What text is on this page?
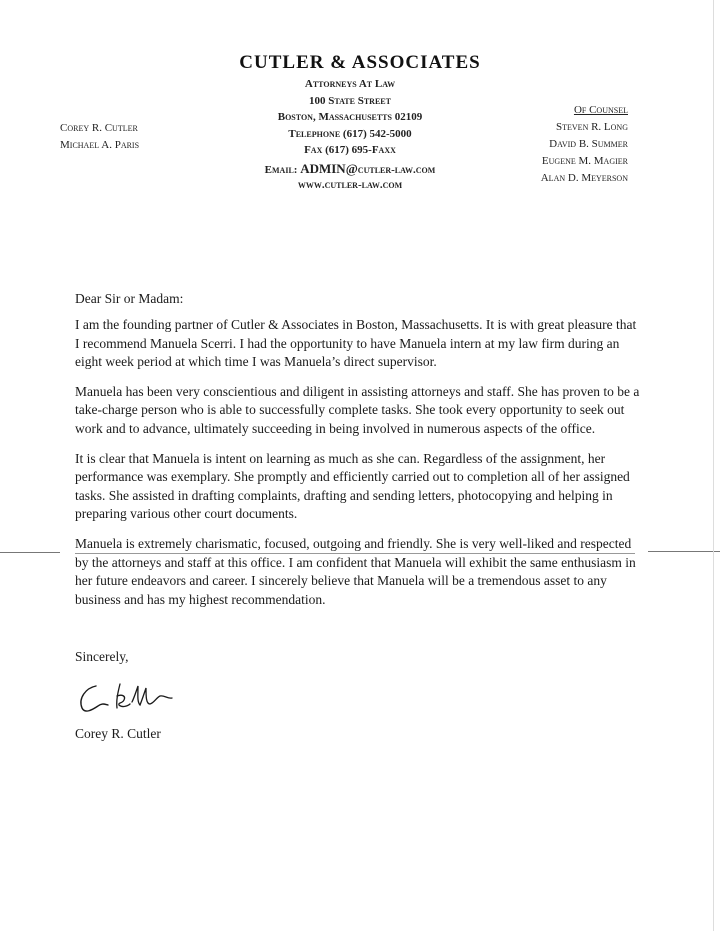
CUTLER & ASSOCIATES
Attorneys At Law
100 State Street
Boston, Massachusetts 02109
Telephone (617) 542-5000
Fax (617) 695-Faxx
Email: ADMIN@cutler-law.com
www.cutler-law.com
Corey R. Cutler
Michael A. Paris
Of Counsel
Steven R. Long
David B. Summer
Eugene M. Magier
Alan D. Meyerson
Dear Sir or Madam:

I am the founding partner of Cutler & Associates in Boston, Massachusetts. It is with great pleasure that I recommend Manuela Scerri. I had the opportunity to have Manuela intern at my law firm during an eight week period at which time I was Manuela’s direct supervisor.

Manuela has been very conscientious and diligent in assisting attorneys and staff. She has proven to be a take-charge person who is able to successfully complete tasks. She took every opportunity to seek out work and to advance, ultimately succeeding in being involved in numerous aspects of the office.

It is clear that Manuela is intent on learning as much as she can. Regardless of the assignment, her performance was exemplary. She promptly and efficiently carried out to completion all of her assigned tasks. She assisted in drafting complaints, drafting and sending letters, photocopying and helping in preparing various other court documents.

Manuela is extremely charismatic, focused, outgoing and friendly. She is very well-liked and respected by the attorneys and staff at this office. I am confident that Manuela will exhibit the same enthusiasm in her future endeavors and career. I sincerely believe that Manuela will be a tremendous asset to any business and has my highest recommendation.

Sincerely,
Corey R. Cutler
